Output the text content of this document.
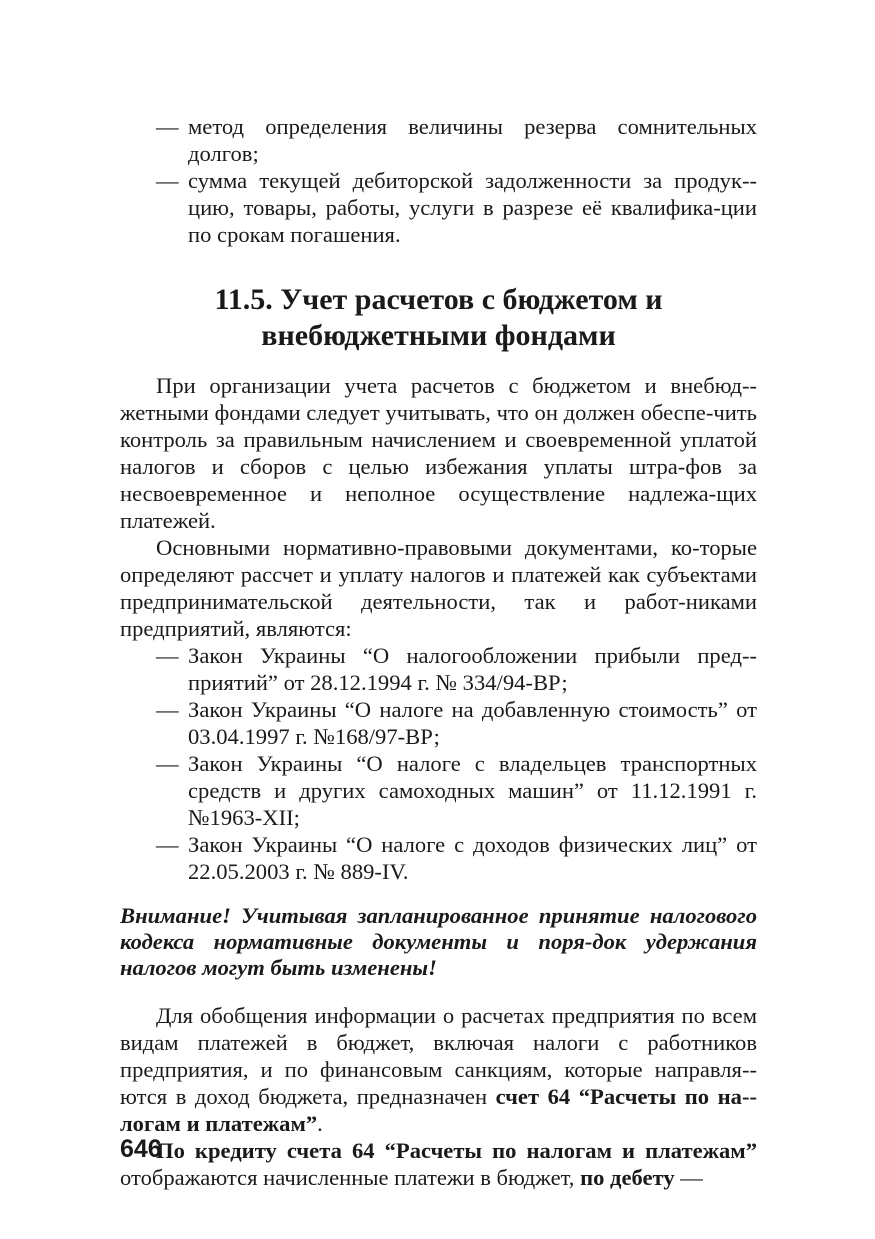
— метод определения величины резерва сомнительных долгов;
— сумма текущей дебиторской задолженности за продук-цию, товары, работы, услуги в разрезе её квалифика-ции по срокам погашения.
11.5. Учет расчетов с бюджетом и
внебюджетными фондами

При организации учета расчетов с бюджетом и внебюд-жетными фондами следует учитывать, что он должен обеспе-чить контроль за правильным начислением и своевременной уплатой налогов и сборов с целью избежания уплаты штра-фов за несвоевременное и неполное осуществление надлежа-щих платежей.

Основными нормативно-правовыми документами, ко-торые определяют рассчет и уплату налогов и платежей как субъектами предпринимательской деятельности, так и работ-никами предприятий, являются:

— Закон Украины “О налогообложении прибыли пред-приятий” от 28.12.1994 г. № 334/94-ВР;
— Закон Украины “О налоге на добавленную стоимость” от 03.04.1997 г. №168/97-ВР;
— Закон Украины “О налоге с владельцев транспортных средств и других самоходных машин” от 11.12.1991 г. №1963-XII;
— Закон Украины “О налоге с доходов физических лиц” от 22.05.2003 г. № 889-IV.

Внимание! Учитывая запланированное принятие налогового кодекса нормативные документы и поря-док удержания налогов могут быть изменены!

Для обобщения информации о расчетах предприятия по всем видам платежей в бюджет, включая налоги с работников предприятия, и по финансовым санкциям, которые направля-ются в доход бюджета, предназначен счет 64 “Расчеты по на-логам и платежам”.

По кредиту счета 64 “Расчеты по налогам и платежам” отображаются начисленные платежи в бюджет, по дебету —

646
